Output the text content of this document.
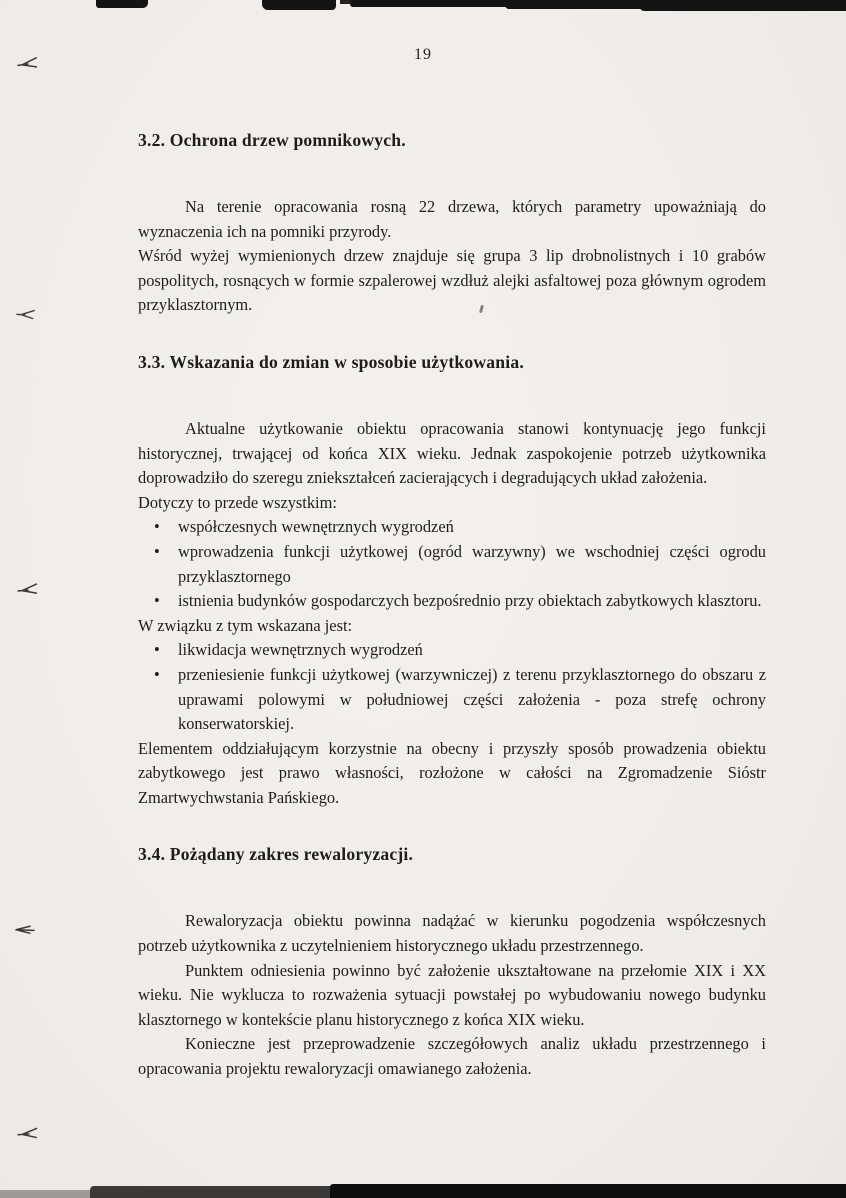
19
3.2. Ochrona drzew pomnikowych.

Na terenie opracowania rosną 22 drzewa, których parametry upoważniają do wyznaczenia ich na pomniki przyrody.

Wśród wyżej wymienionych drzew znajduje się grupa 3 lip drobnolistnych i 10 grabów pospolitych, rosnących w formie szpalerowej wzdłuż alejki asfaltowej poza głównym ogrodem przyklasztornym.

3.3. Wskazania do zmian w sposobie użytkowania.

Aktualne użytkowanie obiektu opracowania stanowi kontynuację jego funkcji historycznej, trwającej od końca XIX wieku. Jednak zaspokojenie potrzeb użytkownika doprowadziło do szeregu zniekształceń zacierających i degradujących układ założenia.

Dotyczy to przede wszystkim:

•	współczesnych wewnętrznych wygrodzeń
•	wprowadzenia funkcji użytkowej (ogród warzywny) we wschodniej części ogrodu przyklasztornego
•	istnienia budynków gospodarczych bezpośrednio przy obiektach zabytkowych klasztoru.

W związku z tym wskazana jest:

•	likwidacja wewnętrznych wygrodzeń
•	przeniesienie funkcji użytkowej (warzywniczej) z terenu przyklasztornego do obszaru z uprawami polowymi w południowej części założenia - poza strefę ochrony konserwatorskiej.

Elementem oddziałującym korzystnie na obecny i przyszły sposób prowadzenia obiektu zabytkowego jest prawo własności, rozłożone w całości na Zgromadzenie Sióstr Zmartwychwstania Pańskiego.

3.4. Pożądany zakres rewaloryzacji.

Rewaloryzacja obiektu powinna nadążać w kierunku pogodzenia współczesnych potrzeb użytkownika z uczytelnieniem historycznego układu przestrzennego.

Punktem odniesienia powinno być założenie ukształtowane na przełomie XIX i XX wieku. Nie wyklucza to rozważenia sytuacji powstałej po wybudowaniu nowego budynku klasztornego w kontekście planu historycznego z końca XIX wieku.

Konieczne jest przeprowadzenie szczegółowych analiz układu przestrzennego i opracowania projektu rewaloryzacji omawianego założenia.
